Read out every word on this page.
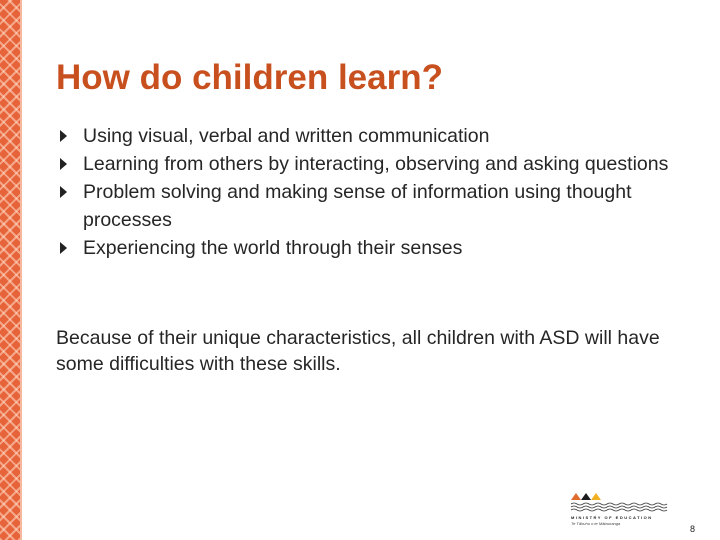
How do children learn?
Using visual, verbal and written communication
Learning from others by interacting, observing and asking questions
Problem solving and making sense of information using thought processes
Experiencing the world through their senses

Because of their unique characteristics, all children with ASD will have some difficulties with these skills.

MINISTRY OF EDUCATION
Te Tāhuhu o te Mātauranga
8
